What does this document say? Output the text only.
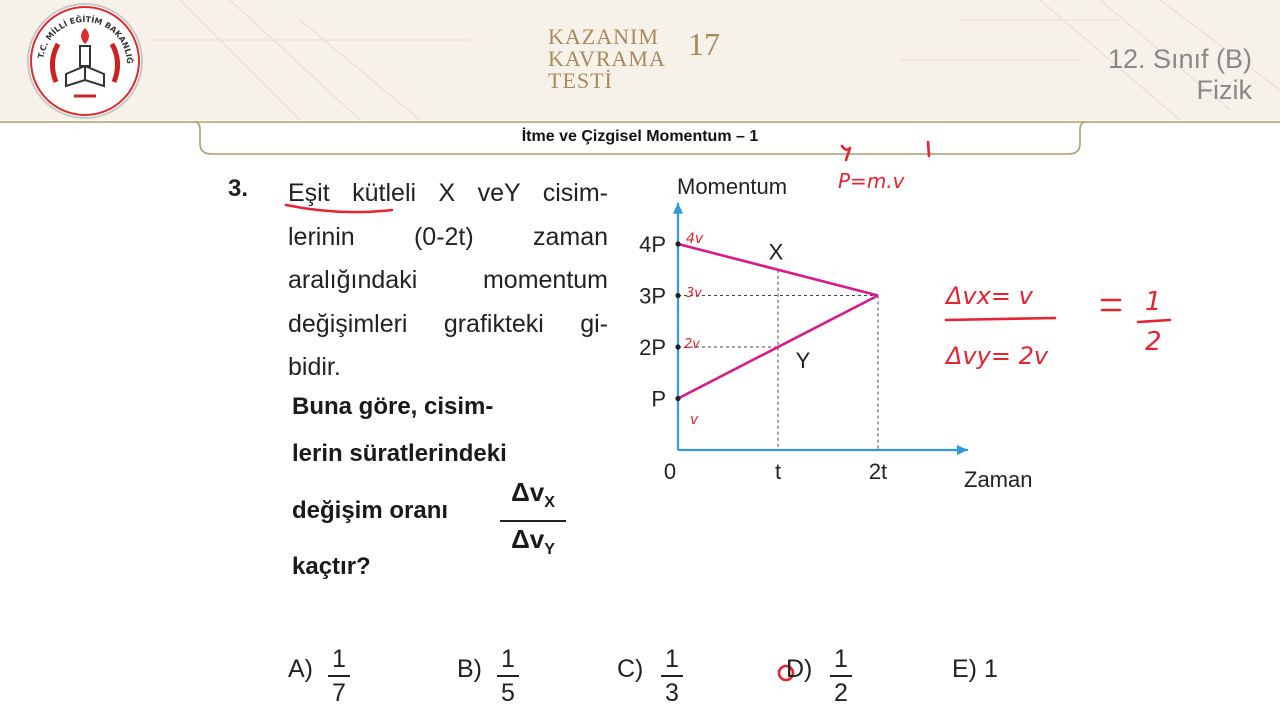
T.C. MİLLİ EĞİTİM BAKANLIĞ

KAZANIM
KAVRAMA
TESTİ
17	12. Sınıf (B)
Fizik
İtme ve Çizgisel Momentum – 1
3. Eşit kütleli X veY cisim-
lerinin (0-2t) zaman
aralığındaki momentum
değişimleri grafikteki gi-
bidir.
Buna göre, cisim-
lerin süratlerindeki
değişim oranı
kaçtır?
$\Delta v_X$
$\Delta v_Y$
P
2P
3P
4P
0	t	2t
X
Y
Momentum
Zaman
P=m.v
4v
3v
2v
v
Δvx= v
Δvy= 2v
1
2
A) 1
7
B) 1
5
C) 1
3
D) 1
2
E) 1
